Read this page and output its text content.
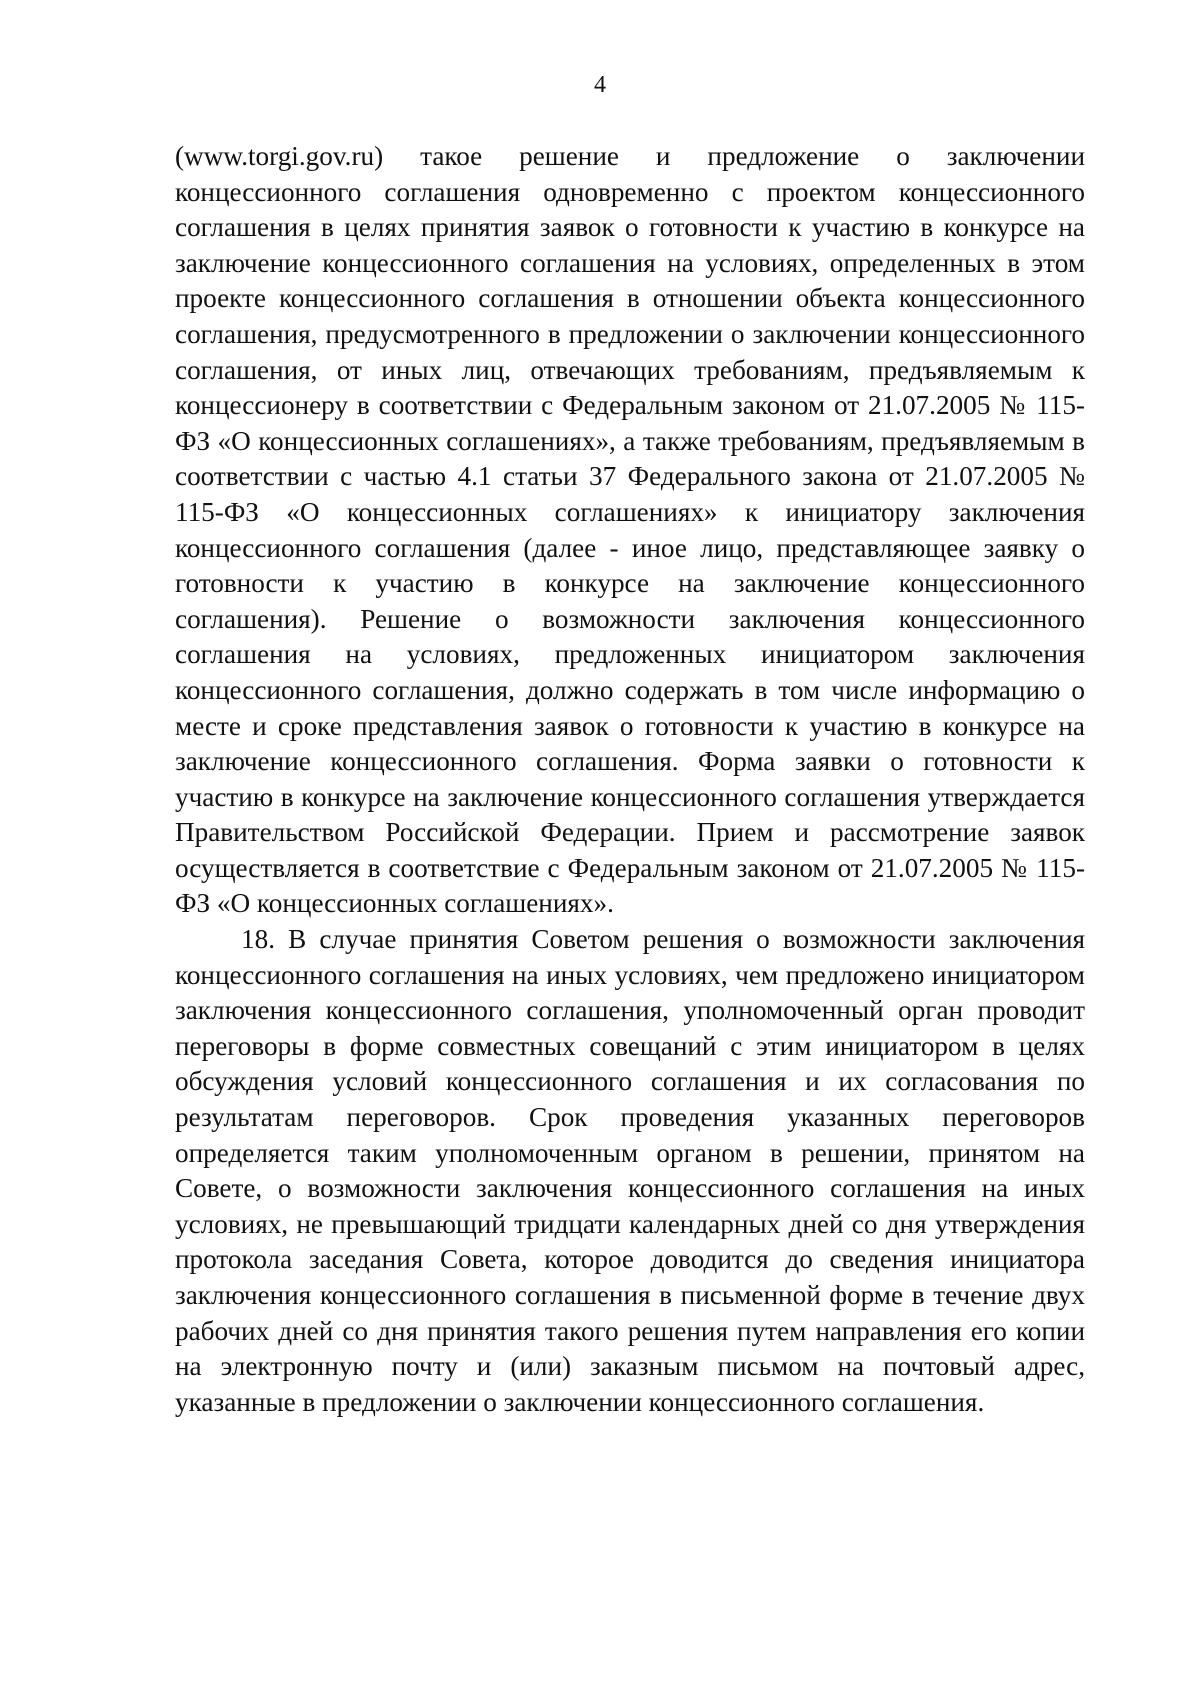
4

(www.torgi.gov.ru) такое решение и предложение о заключении концессионного соглашения одновременно с проектом концессионного соглашения в целях принятия заявок о готовности к участию в конкурсе на заключение концессионного соглашения на условиях, определенных в этом проекте концессионного соглашения в отношении объекта концессионного соглашения, предусмотренного в предложении о заключении концессионного соглашения, от иных лиц, отвечающих требованиям, предъявляемым к концессионеру в соответствии с Федеральным законом от 21.07.2005 № 115-ФЗ «О концессионных соглашениях», а также требованиям, предъявляемым в соответствии с частью 4.1 статьи 37 Федерального закона от 21.07.2005 № 115-ФЗ «О концессионных соглашениях» к инициатору заключения концессионного соглашения (далее - иное лицо, представляющее заявку о готовности к участию в конкурсе на заключение концессионного соглашения). Решение о возможности заключения концессионного соглашения на условиях, предложенных инициатором заключения концессионного соглашения, должно содержать в том числе информацию о месте и сроке представления заявок о готовности к участию в конкурсе на заключение концессионного соглашения. Форма заявки о готовности к участию в конкурсе на заключение концессионного соглашения утверждается Правительством Российской Федерации. Прием и рассмотрение заявок осуществляется в соответствие с Федеральным законом от 21.07.2005 № 115-ФЗ «О концессионных соглашениях».

18. В случае принятия Советом решения о возможности заключения концессионного соглашения на иных условиях, чем предложено инициатором заключения концессионного соглашения, уполномоченный орган проводит переговоры в форме совместных совещаний с этим инициатором в целях обсуждения условий концессионного соглашения и их согласования по результатам переговоров. Срок проведения указанных переговоров определяется таким уполномоченным органом в решении, принятом на Совете, о возможности заключения концессионного соглашения на иных условиях, не превышающий тридцати календарных дней со дня утверждения протокола заседания Совета, которое доводится до сведения инициатора заключения концессионного соглашения в письменной форме в течение двух рабочих дней со дня принятия такого решения путем направления его копии на электронную почту и (или) заказным письмом на почтовый адрес, указанные в предложении о заключении концессионного соглашения.
